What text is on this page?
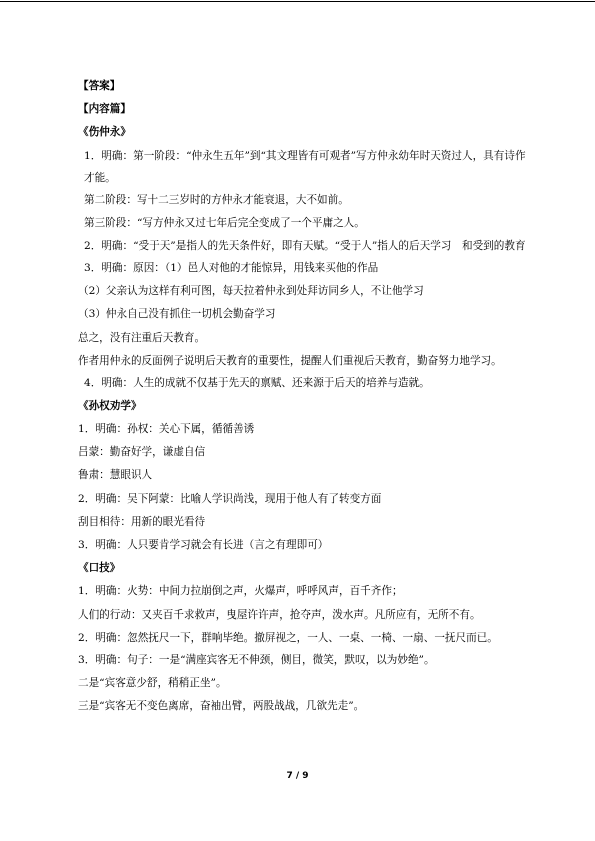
【答案】
【内容篇】
《伤仲永》
1．明确：第一阶段：“仲永生五年”到“其文理皆有可观者”写方仲永幼年时天资过人，具有诗作才能。
第二阶段：写十二三岁时的方仲永才能衰退，大不如前。
第三阶段：“写方仲永又过七年后完全变成了一个平庸之人。
2．明确：“受于天”是指人的先天条件好，即有天赋。“受于人”指人的后天学习　和受到的教育
3．明确：原因：（1）邑人对他的才能惊异，用钱来买他的作品
（2）父亲认为这样有利可图，每天拉着仲永到处拜访同乡人，不让他学习
（3）仲永自己没有抓住一切机会勤奋学习
总之，没有注重后天教育。
作者用仲永的反面例子说明后天教育的重要性，提醒人们重视后天教育，勤奋努力地学习。
4．明确：人生的成就不仅基于先天的禀赋、还来源于后天的培养与造就。
《孙权劝学》
1．明确：孙权：关心下属，循循善诱
吕蒙：勤奋好学，谦虚自信
鲁肃：慧眼识人
2．明确：吴下阿蒙：比喻人学识尚浅，现用于他人有了转变方面
刮目相待：用新的眼光看待
3．明确：人只要肯学习就会有长进（言之有理即可）
《口技》
1．明确：火势：中间力拉崩倒之声，火爆声，呼呼风声，百千齐作；
人们的行动：又夹百千求救声，曳屋许许声，抢夺声，泼水声。凡所应有，无所不有。
2．明确：忽然抚尺一下，群响毕绝。撤屏视之，一人、一桌、一椅、一扇、一抚尺而已。
3．明确：句子：一是“满座宾客无不伸颈，侧目，微笑，默叹，以为妙绝”。
二是“宾客意少舒，稍稍正坐”。
三是“宾客无不变色离席，奋袖出臂，两股战战，几欲先走”。
7 / 9
